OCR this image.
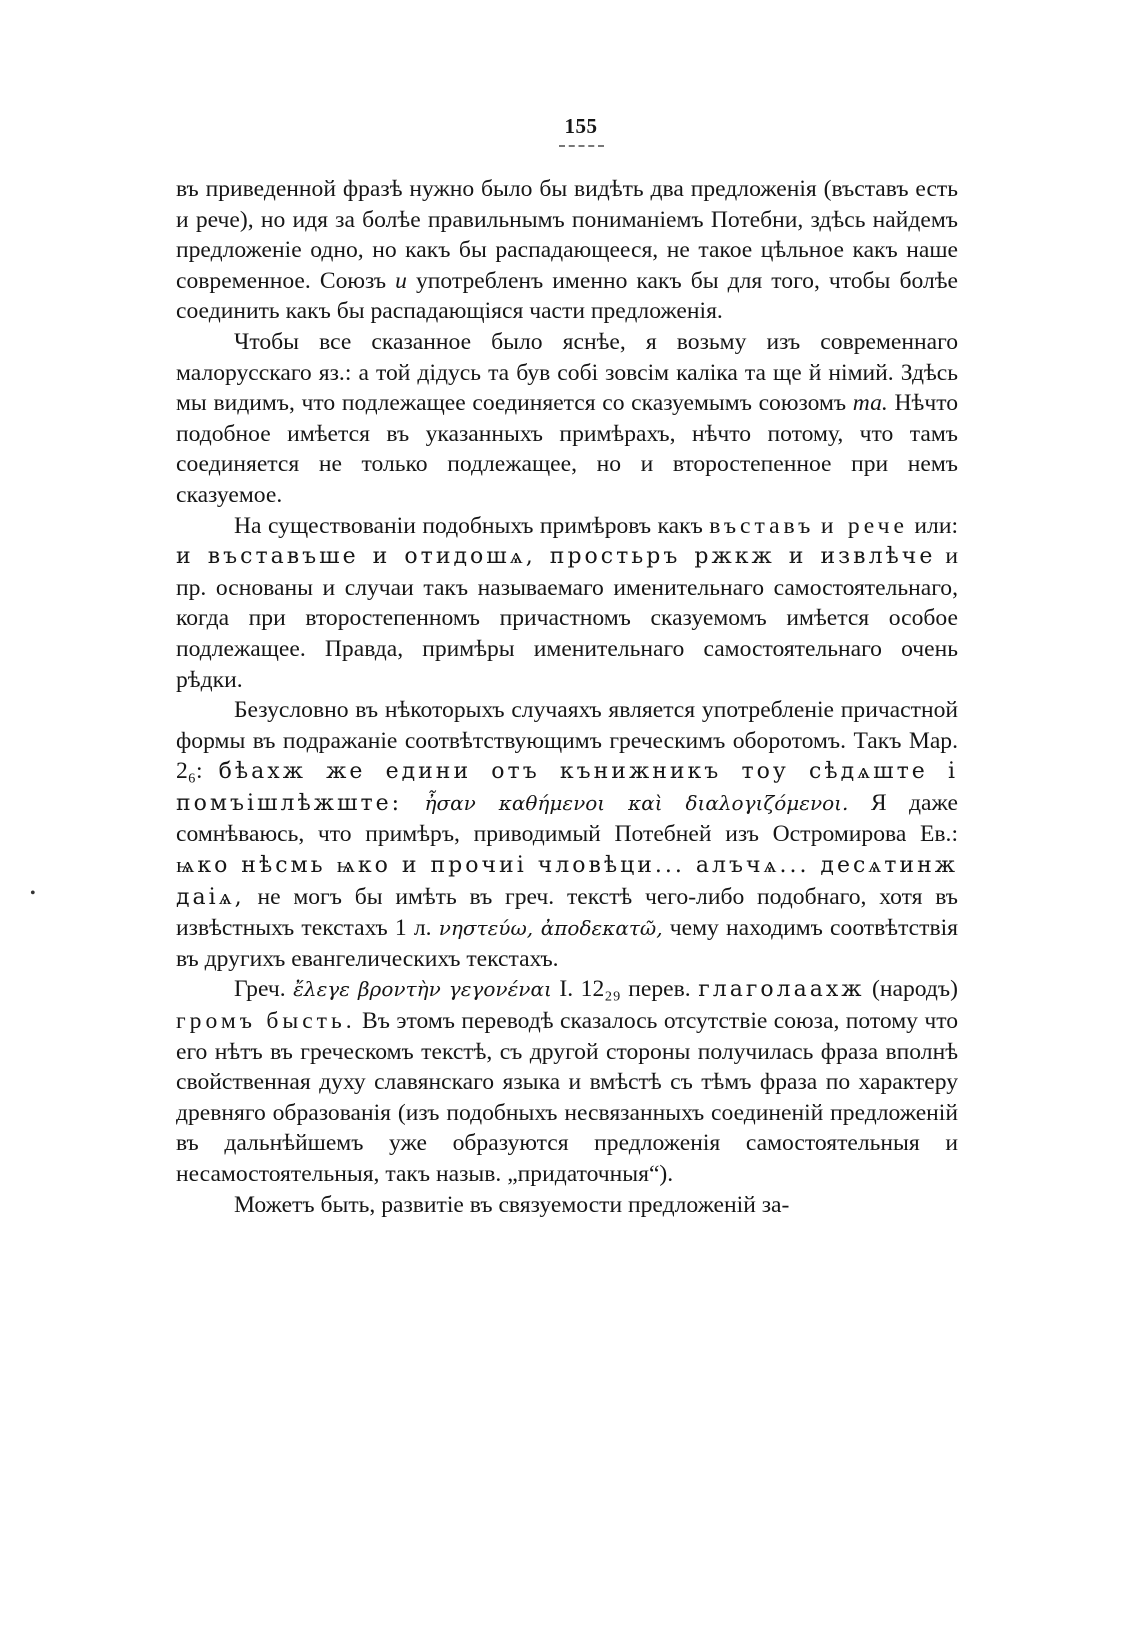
155
•

въ приведенной фразѣ нужно было бы видѣть два предложенія (въставъ есть и рече), но идя за болѣе правильнымъ пониманіемъ Потебни, здѣсь найдемъ предложеніе одно, но какъ бы распадающееся, не такое цѣльное какъ наше современное. Союзъ и употребленъ именно какъ бы для того, чтобы болѣе соединить какъ бы распадающіяся части предложенія.

Чтобы все сказанное было яснѣе, я возьму изъ современнаго малорусскаго яз.: а той дідусь та був собі зовсім каліка та ще й німий. Здѣсь мы видимъ, что подлежащее соединяется со сказуемымъ союзомъ та. Нѣчто подобное имѣется въ указанныхъ примѣрахъ, нѣчто потому, что тамъ соединяется не только подлежащее, но и второстепенное при немъ сказуемое.

На существованіи подобныхъ примѣровъ какъ въставъ и рече или: и въставъше и отидошѧ, простьръ ржкж и извлѣче и пр. основаны и случаи такъ называемаго именительнаго самостоятельнаго, когда при второстепенномъ причастномъ сказуемомъ имѣется особое подлежащее. Правда, примѣры именительнаго самостоятельнаго очень рѣдки.

Безусловно въ нѣкоторыхъ случаяхъ является употребленіе причастной формы въ подражаніе соотвѣтствующимъ греческимъ оборотомъ. Такъ Мар. 2₆: бѣахж же едини отъ кънижникъ тоу сѣдѧште і помъішлѣжште: ἦσαν καθήμενοι καὶ διαλογιζόμενοι. Я даже сомнѣваюсь, что примѣръ, приводимый Потебней изъ Остромирова Ев.: ѩко нѣсмь ѩко и прочиі чловѣци... алъчѧ... десѧтинж даіѧ, не могъ бы имѣть въ греч. текстѣ чего-либо подобнаго, хотя въ извѣстныхъ текстахъ 1 л. νηστεύω, ἀποδεκατῶ, чему находимъ соотвѣтствія въ другихъ евангелическихъ текстахъ.

Греч. ἔλεγε βροντὴν γεγονέναι I. 12₂₉ перев. глаголаахж (народъ) громъ бысть. Въ этомъ переводѣ сказалось отсутствіе союза, потому что его нѣтъ въ греческомъ текстѣ, съ другой стороны получилась фраза вполнѣ свойственная духу славянскаго языка и вмѣстѣ съ тѣмъ фраза по характеру древняго образованія (изъ подобныхъ несвязанныхъ соединеній предложеній въ дальнѣйшемъ уже образуются предложенія самостоятельныя и несамостоятельныя, такъ назыв. „придаточныя“).

Можетъ быть, развитіе въ связуемости предложеній за-
